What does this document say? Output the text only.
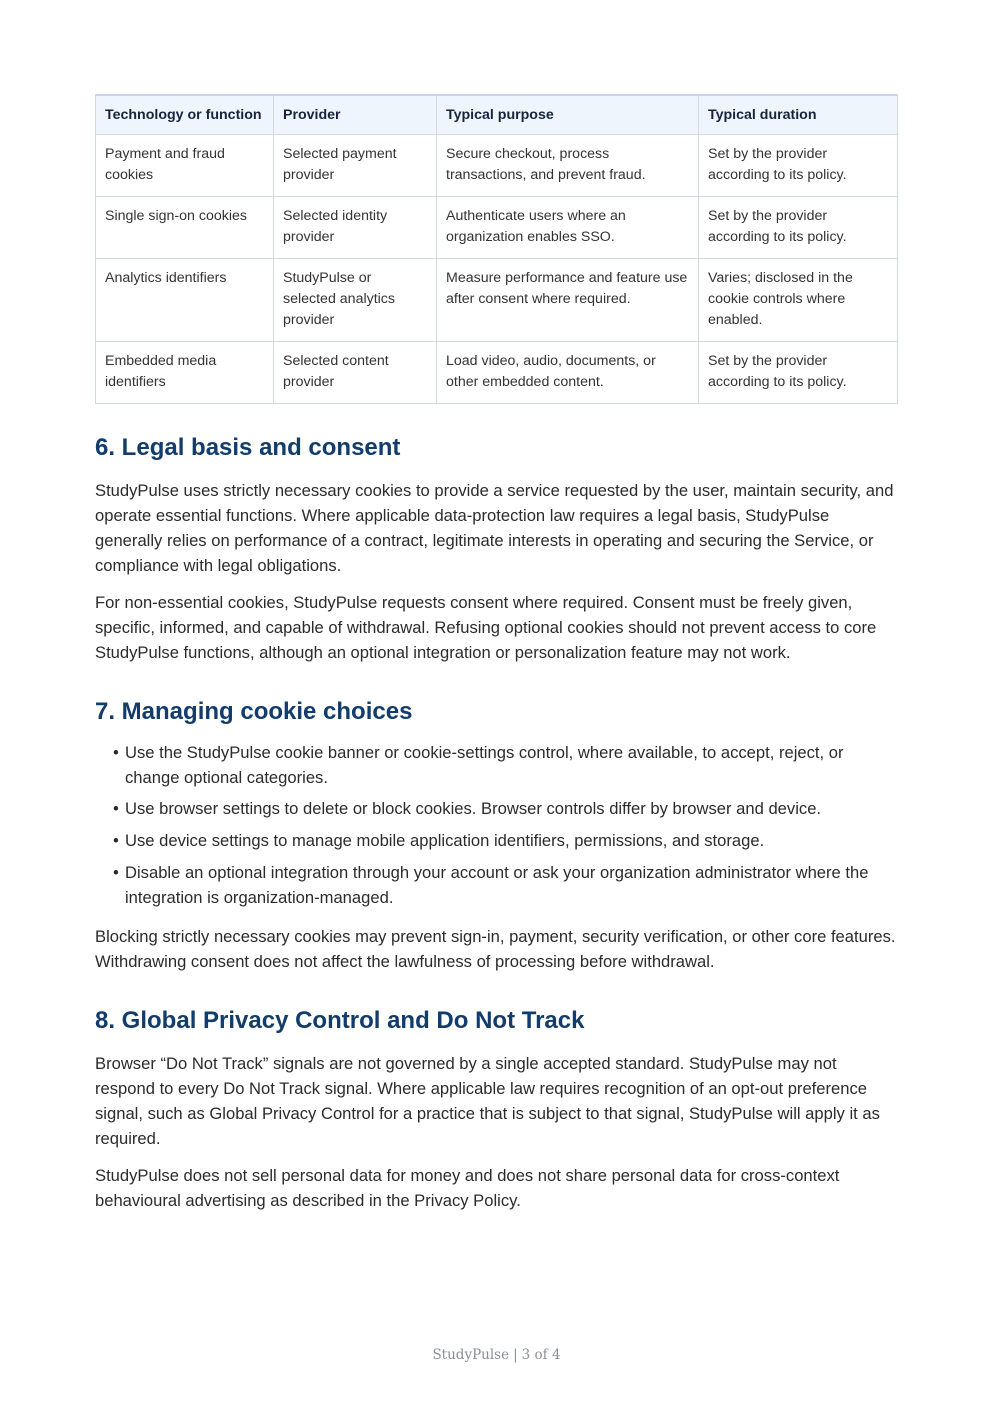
Technology or function	Provider	Typical purpose	Typical duration
Payment and fraud cookies	Selected payment provider	Secure checkout, process transactions, and prevent fraud.	Set by the provider according to its policy.
Single sign-on cookies	Selected identity provider	Authenticate users where an organization enables SSO.	Set by the provider according to its policy.
Analytics identifiers	StudyPulse or selected analytics provider	Measure performance and feature use after consent where required.	Varies; disclosed in the cookie controls where enabled.
Embedded media identifiers	Selected content provider	Load video, audio, documents, or other embedded content.	Set by the provider according to its policy.
6. Legal basis and consent

StudyPulse uses strictly necessary cookies to provide a service requested by the user, maintain security, and operate essential functions. Where applicable data-protection law requires a legal basis, StudyPulse generally relies on performance of a contract, legitimate interests in operating and securing the Service, or compliance with legal obligations.

For non-essential cookies, StudyPulse requests consent where required. Consent must be freely given, specific, informed, and capable of withdrawal. Refusing optional cookies should not prevent access to core StudyPulse functions, although an optional integration or personalization feature may not work.

7. Managing cookie choices
• Use the StudyPulse cookie banner or cookie-settings control, where available, to accept, reject, or change optional categories.
• Use browser settings to delete or block cookies. Browser controls differ by browser and device.
• Use device settings to manage mobile application identifiers, permissions, and storage.
• Disable an optional integration through your account or ask your organization administrator where the integration is organization-managed.

Blocking strictly necessary cookies may prevent sign-in, payment, security verification, or other core features. Withdrawing consent does not affect the lawfulness of processing before withdrawal.

8. Global Privacy Control and Do Not Track

Browser “Do Not Track” signals are not governed by a single accepted standard. StudyPulse may not respond to every Do Not Track signal. Where applicable law requires recognition of an opt-out preference signal, such as Global Privacy Control for a practice that is subject to that signal, StudyPulse will apply it as required.

StudyPulse does not sell personal data for money and does not share personal data for cross-context behavioural advertising as described in the Privacy Policy.

StudyPulse | 3 of 4
